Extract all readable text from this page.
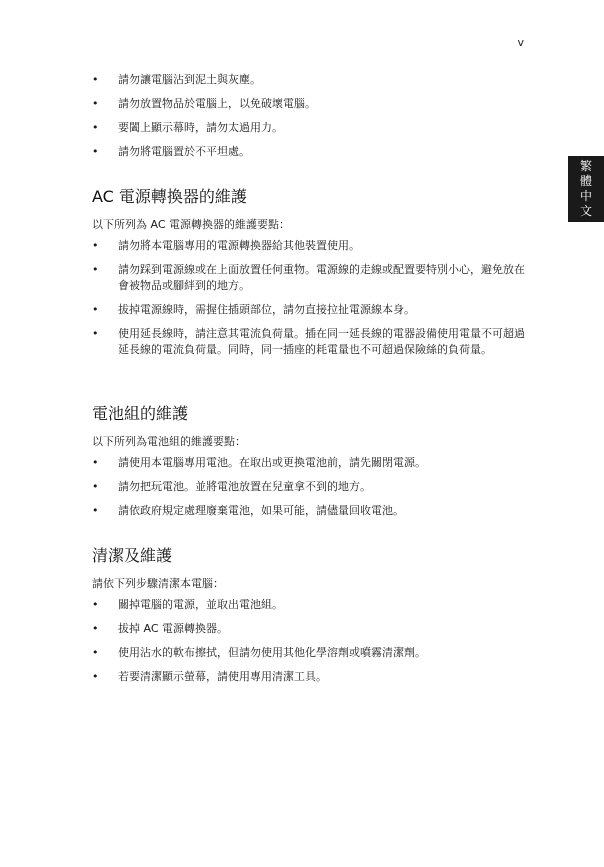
v
繁
體
中
文
• 請勿讓電腦沾到泥土與灰塵。
• 請勿放置物品於電腦上，以免破壞電腦。
• 要闔上顯示幕時，請勿太過用力。
• 請勿將電腦置於不平坦處。
AC 電源轉換器的維護

以下所列為 AC 電源轉換器的維護要點：

• 請勿將本電腦專用的電源轉換器給其他裝置使用。
• 請勿踩到電源線或在上面放置任何重物。電源線的走線或配置要特別小心，避免放在會被物品或腳絆到的地方。
• 拔掉電源線時，需握住插頭部位，請勿直接拉扯電源線本身。
• 使用延長線時，請注意其電流負荷量。插在同一延長線的電器設備使用電量不可超過延長線的電流負荷量。同時，同一插座的耗電量也不可超過保險絲的負荷量。
電池組的維護

以下所列為電池組的維護要點：

• 請使用本電腦專用電池。在取出或更換電池前，請先關閉電源。
• 請勿把玩電池。並將電池放置在兒童拿不到的地方。
• 請依政府規定處理廢棄電池，如果可能，請儘量回收電池。
清潔及維護

請依下列步驟清潔本電腦：

• 關掉電腦的電源，並取出電池組。
• 拔掉 AC 電源轉換器。
• 使用沾水的軟布擦拭，但請勿使用其他化學溶劑或噴霧清潔劑。
• 若要清潔顯示螢幕，請使用專用清潔工具。
